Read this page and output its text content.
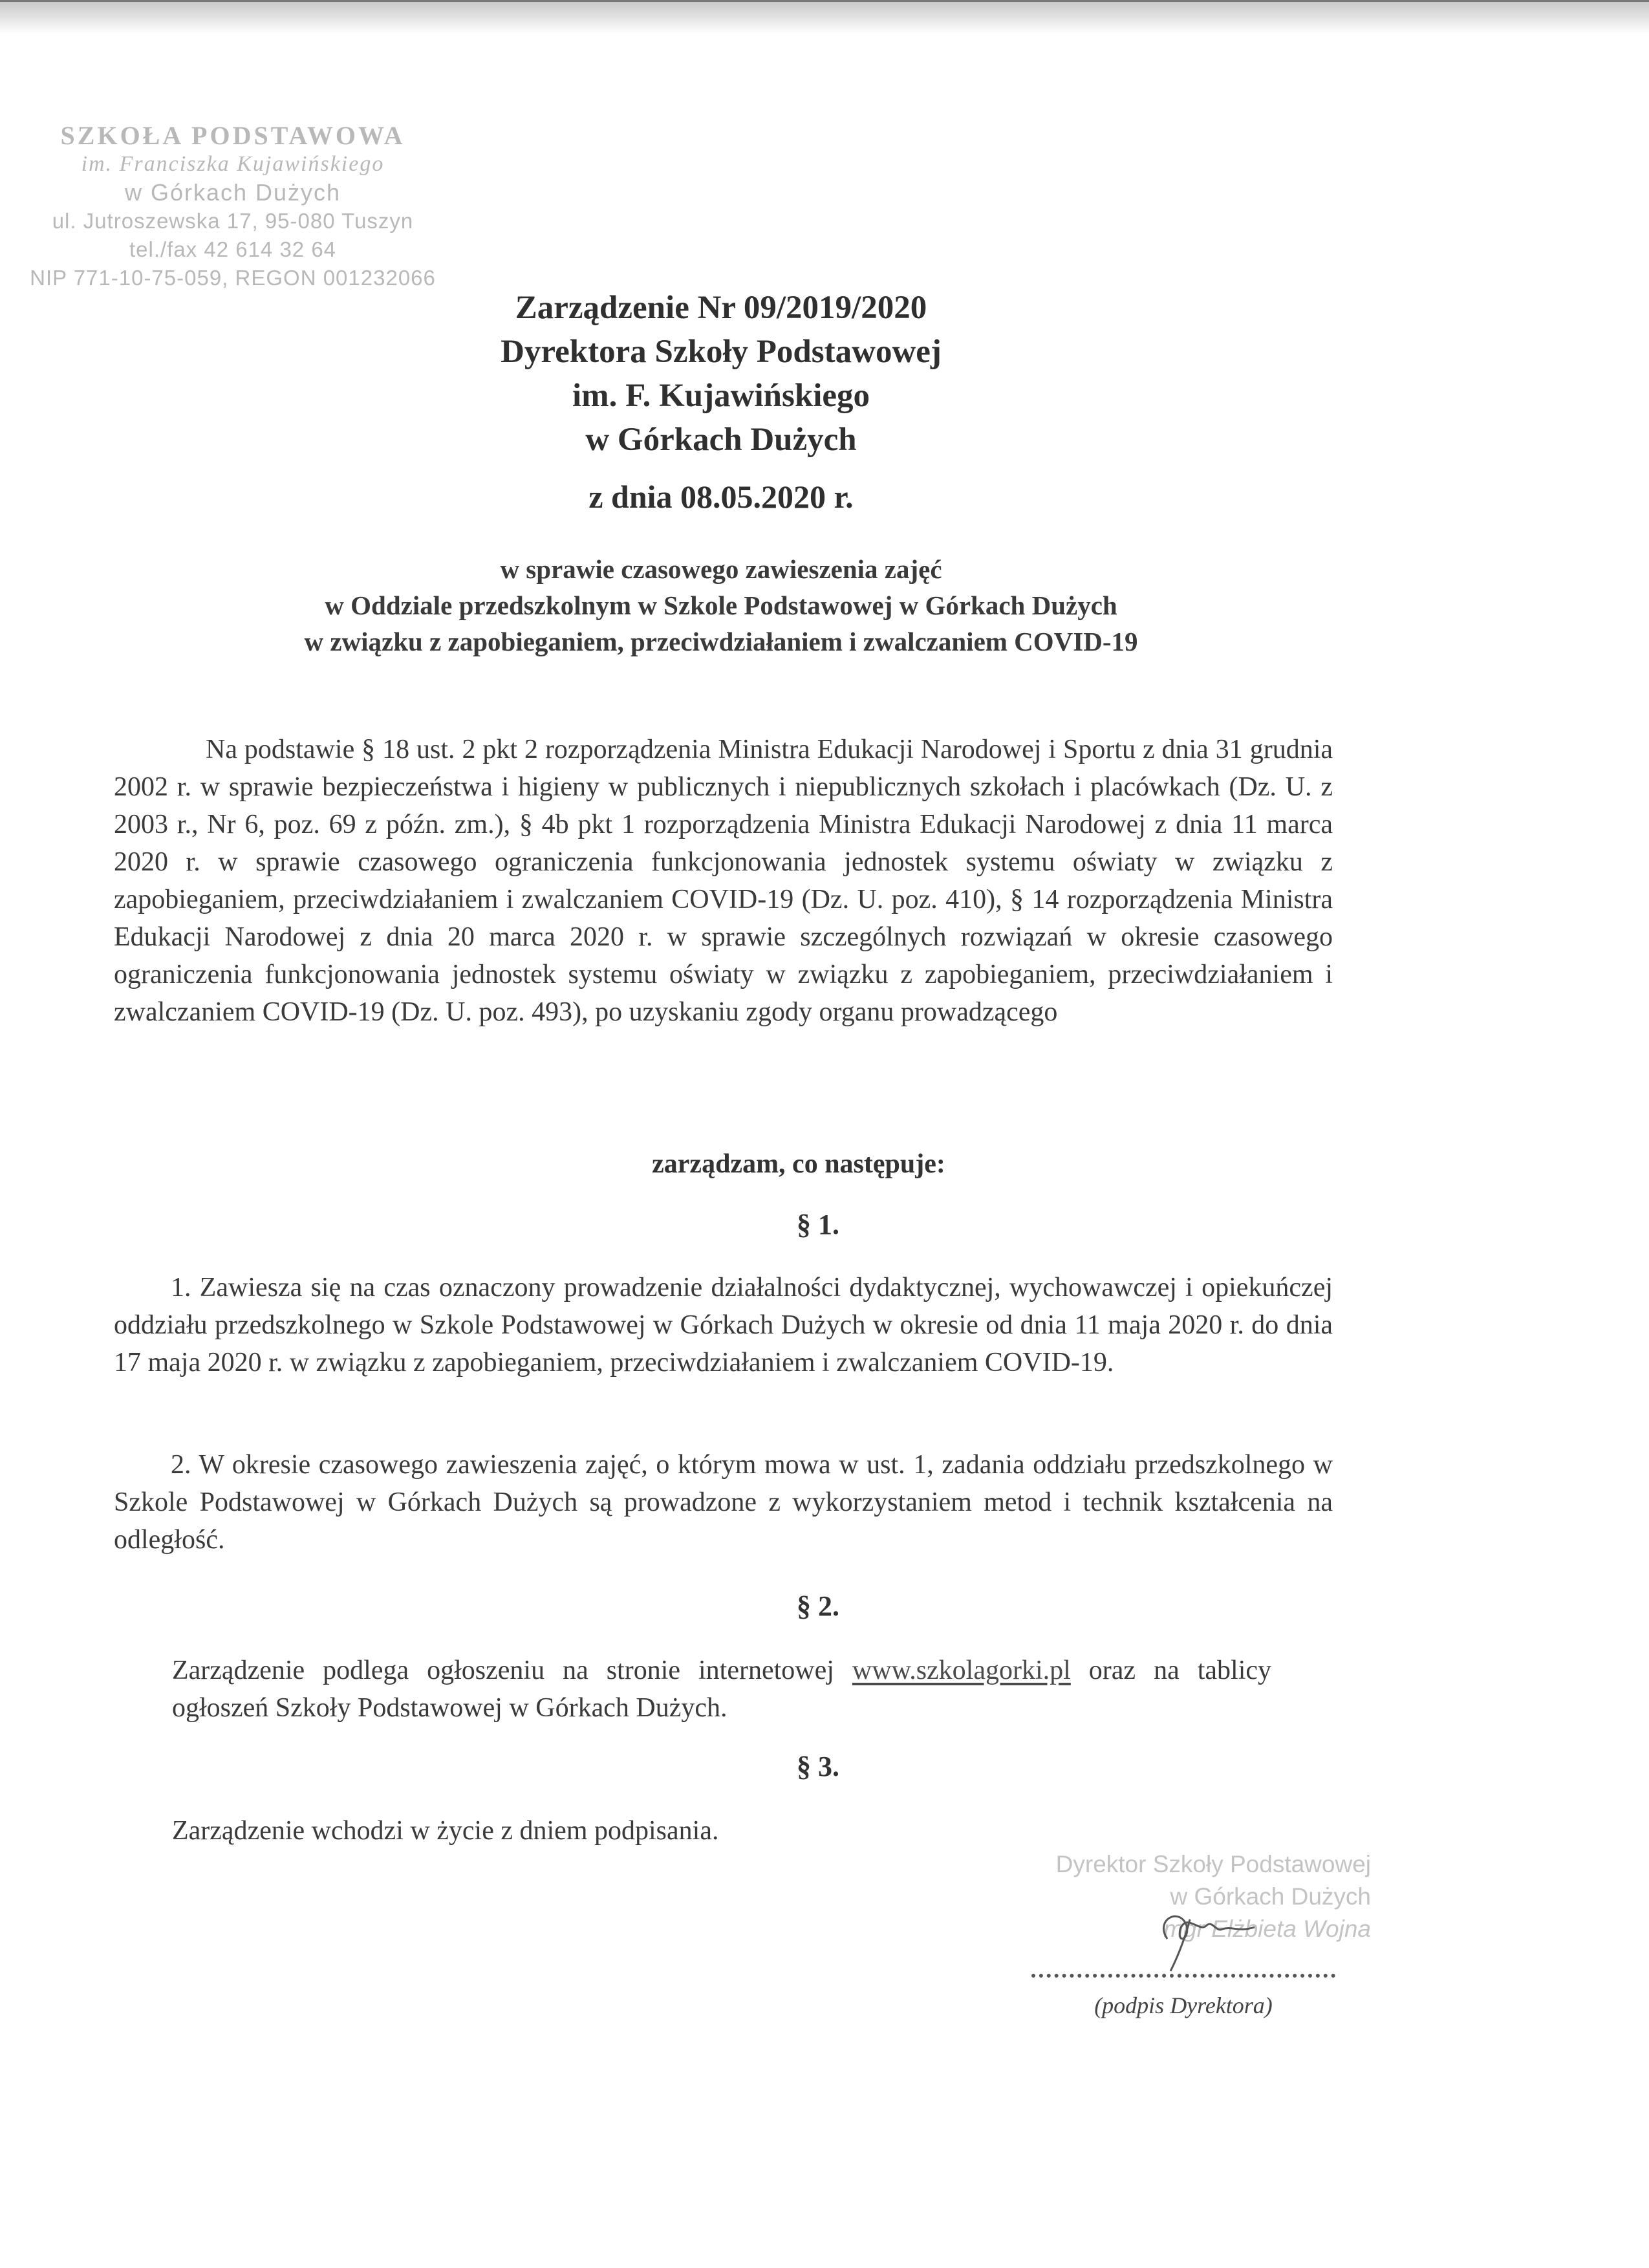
SZKOŁA PODSTAWOWA
im. Franciszka Kujawińskiego
w Górkach Dużych
ul. Jutroszewska 17, 95-080 Tuszyn
tel./fax 42 614 32 64
NIP 771-10-75-059, REGON 001232066
Zarządzenie Nr 09/2019/2020
Dyrektora Szkoły Podstawowej
im. F. Kujawińskiego
w Górkach Dużych
z dnia 08.05.2020 r.
w sprawie czasowego zawieszenia zajęć
w Oddziale przedszkolnym w Szkole Podstawowej w Górkach Dużych
w związku z zapobieganiem, przeciwdziałaniem i zwalczaniem COVID-19
Na podstawie § 18 ust. 2 pkt 2 rozporządzenia Ministra Edukacji Narodowej i Sportu z dnia 31 grudnia 2002 r. w sprawie bezpieczeństwa i higieny w publicznych i niepublicznych szkołach i placówkach (Dz. U. z 2003 r., Nr 6, poz. 69 z późn. zm.), § 4b pkt 1 rozporządzenia Ministra Edukacji Narodowej z dnia 11 marca 2020 r. w sprawie czasowego ograniczenia funkcjonowania jednostek systemu oświaty w związku z zapobieganiem, przeciwdziałaniem i zwalczaniem COVID-19 (Dz. U. poz. 410), § 14 rozporządzenia Ministra Edukacji Narodowej z dnia 20 marca 2020 r. w sprawie szczególnych rozwiązań w okresie czasowego ograniczenia funkcjonowania jednostek systemu oświaty w związku z zapobieganiem, przeciwdziałaniem i zwalczaniem COVID-19 (Dz. U. poz. 493), po uzyskaniu zgody organu prowadzącego
zarządzam, co następuje:
§ 1.
1. Zawiesza się na czas oznaczony prowadzenie działalności dydaktycznej, wychowawczej i opiekuńczej oddziału przedszkolnego w Szkole Podstawowej w Górkach Dużych w okresie od dnia 11 maja 2020 r. do dnia 17 maja 2020 r. w związku z zapobieganiem, przeciwdziałaniem i zwalczaniem COVID-19.
2. W okresie czasowego zawieszenia zajęć, o którym mowa w ust. 1, zadania oddziału przedszkolnego w Szkole Podstawowej w Górkach Dużych są prowadzone z wykorzystaniem metod i technik kształcenia na odległość.
§ 2.
Zarządzenie podlega ogłoszeniu na stronie internetowej www.szkolagorki.pl oraz na tablicy ogłoszeń Szkoły Podstawowej w Górkach Dużych.
§ 3.
Zarządzenie wchodzi w życie z dniem podpisania.
Dyrektor Szkoły Podstawowej
w Górkach Dużych
mgr Elżbieta Wojna
(podpis Dyrektora)
